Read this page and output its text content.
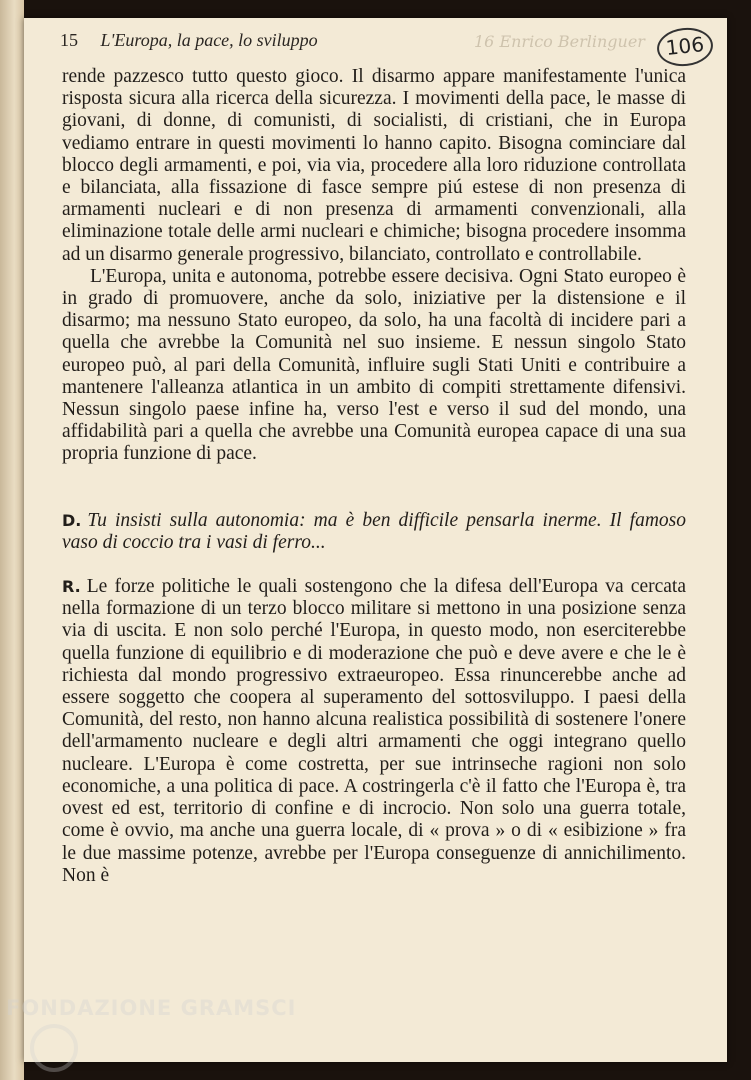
16 Enrico Berlinguer
15 L'Europa, la pace, lo sviluppo	106

rende pazzesco tutto questo gioco. Il disarmo appare manifestamente l'unica risposta sicura alla ricerca della sicurezza. I movimenti della pace, le masse di giovani, di donne, di comunisti, di socialisti, di cristiani, che in Europa vediamo entrare in questi movimenti lo hanno capito. Bisogna cominciare dal blocco degli armamenti, e poi, via via, procedere alla loro riduzione controllata e bilanciata, alla fissazione di fasce sempre piú estese di non presenza di armamenti nucleari e di non presenza di armamenti convenzionali, alla eliminazione totale delle armi nucleari e chimiche; bisogna procedere insomma ad un disarmo generale progressivo, bilanciato, controllato e controllabile.

L'Europa, unita e autonoma, potrebbe essere decisiva. Ogni Stato europeo è in grado di promuovere, anche da solo, iniziative per la distensione e il disarmo; ma nessuno Stato europeo, da solo, ha una facoltà di incidere pari a quella che avrebbe la Comunità nel suo insieme. E nessun singolo Stato europeo può, al pari della Comunità, influire sugli Stati Uniti e contribuire a mantenere l'alleanza atlantica in un ambito di compiti strettamente difensivi. Nessun singolo paese infine ha, verso l'est e verso il sud del mondo, una affidabilità pari a quella che avrebbe una Comunità europea capace di una sua propria funzione di pace.

D. Tu insisti sulla autonomia: ma è ben difficile pensarla inerme. Il famoso vaso di coccio tra i vasi di ferro...

R. Le forze politiche le quali sostengono che la difesa dell'Europa va cercata nella formazione di un terzo blocco militare si mettono in una posizione senza via di uscita. E non solo perché l'Europa, in questo modo, non eserciterebbe quella funzione di equilibrio e di moderazione che può e deve avere e che le è richiesta dal mondo progressivo extraeuropeo. Essa rinuncerebbe anche ad essere soggetto che coopera al superamento del sottosviluppo. I paesi della Comunità, del resto, non hanno alcuna realistica possibilità di sostenere l'onere dell'armamento nucleare e degli altri armamenti che oggi integrano quello nucleare. L'Europa è come costretta, per sue intrinseche ragioni non solo economiche, a una politica di pace. A costringerla c'è il fatto che l'Europa è, tra ovest ed est, territorio di confine e di incrocio. Non solo una guerra totale, come è ovvio, ma anche una guerra locale, di « prova » o di « esibizione » fra le due massime potenze, avrebbe per l'Europa conseguenze di annichilimento. Non è

FONDAZIONE GRAMSCI
